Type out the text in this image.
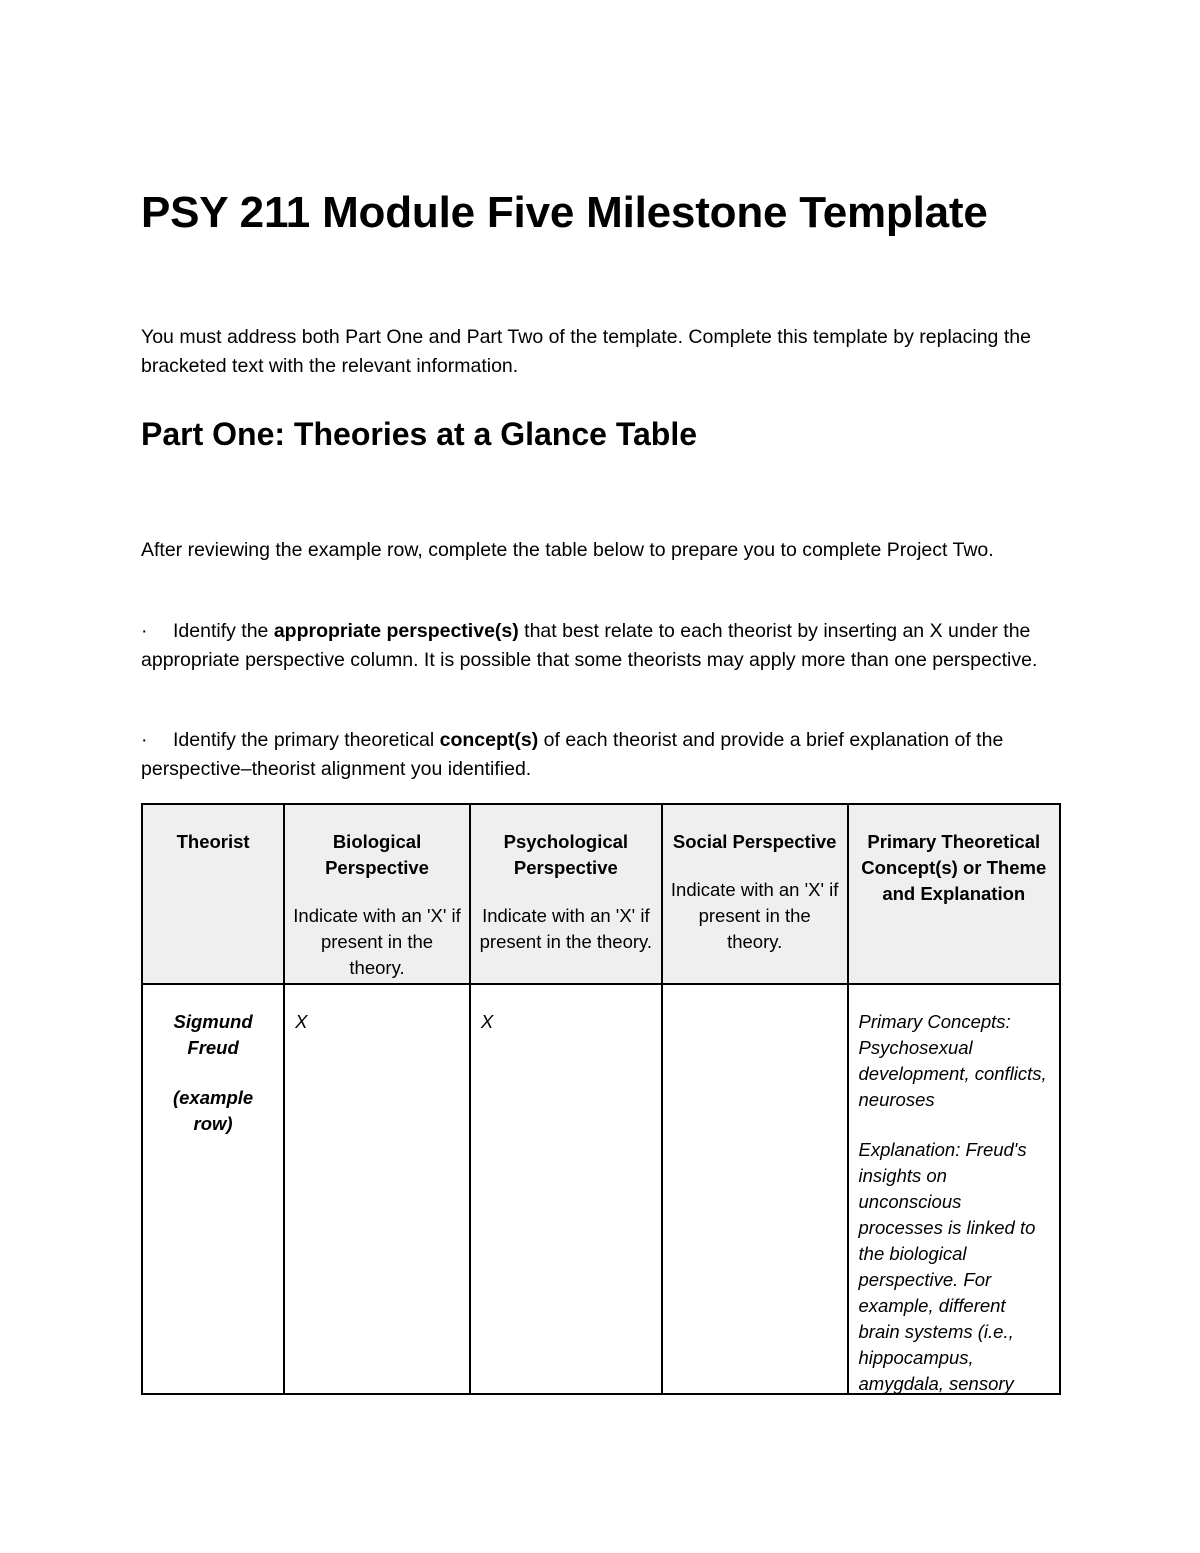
PSY 211 Module Five Milestone Template

You must address both Part One and Part Two of the template. Complete this template by replacing the bracketed text with the relevant information.

Part One: Theories at a Glance Table

After reviewing the example row, complete the table below to prepare you to complete Project Two.

· Identify the appropriate perspective(s) that best relate to each theorist by inserting an X under the appropriate perspective column. It is possible that some theorists may apply more than one perspective.

· Identify the primary theoretical concept(s) of each theorist and provide a brief explanation of the perspective–theorist alignment you identified.

Theorist	Biological Perspective
Indicate with an 'X' if present in the theory.	Psychological Perspective
Indicate with an 'X' if present in the theory.	Social Perspective
Indicate with an 'X' if present in the theory.	Primary Theoretical Concept(s) or Theme and Explanation

Sigmund Freud
(example row)	X	X		Primary Concepts: Psychosexual development, conflicts, neuroses
Explanation: Freud's insights on unconscious processes is linked to the biological perspective. For example, different brain systems (i.e., hippocampus, amygdala, sensory
